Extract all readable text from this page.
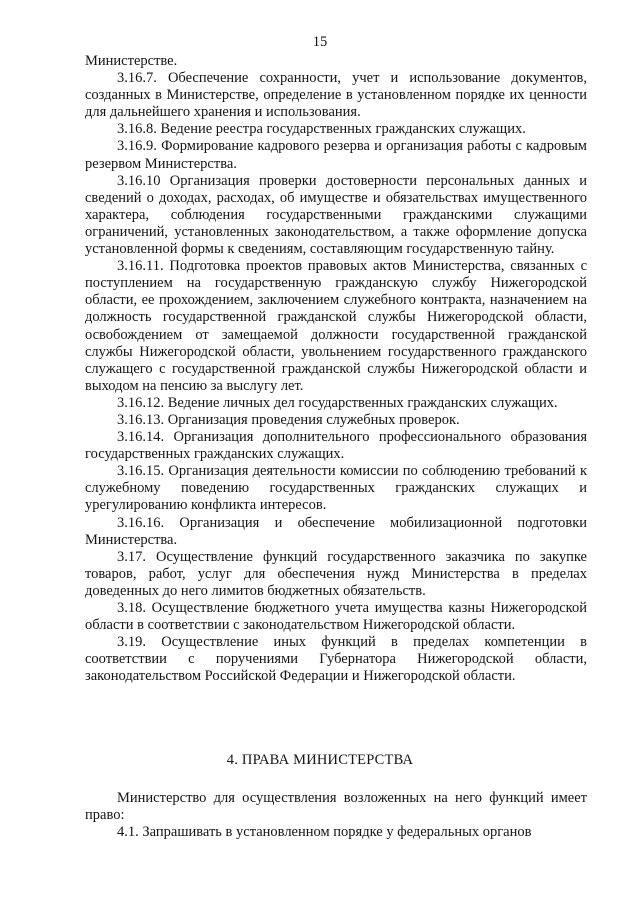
15

Министерстве.

3.16.7. Обеспечение сохранности, учет и использование документов, созданных в Министерстве, определение в установленном порядке их ценности для дальнейшего хранения и использования.

3.16.8. Ведение реестра государственных гражданских служащих.

3.16.9. Формирование кадрового резерва и организация работы с кадровым резервом Министерства.

3.16.10 Организация проверки достоверности персональных данных и сведений о доходах, расходах, об имуществе и обязательствах имущественного характера, соблюдения государственными гражданскими служащими ограничений, установленных законодательством, а также оформление допуска установленной формы к сведениям, составляющим государственную тайну.

3.16.11. Подготовка проектов правовых актов Министерства, связанных с поступлением на государственную гражданскую службу Нижегородской области, ее прохождением, заключением служебного контракта, назначением на должность государственной гражданской службы Нижегородской области, освобождением от замещаемой должности государственной гражданской службы Нижегородской области, увольнением государственного гражданского служащего с государственной гражданской службы Нижегородской области и выходом на пенсию за выслугу лет.

3.16.12. Ведение личных дел государственных гражданских служащих.

3.16.13. Организация проведения служебных проверок.

3.16.14. Организация дополнительного профессионального образования государственных гражданских служащих.

3.16.15. Организация деятельности комиссии по соблюдению требований к служебному поведению государственных гражданских служащих и урегулированию конфликта интересов.

3.16.16. Организация и обеспечение мобилизационной подготовки Министерства.

3.17. Осуществление функций государственного заказчика по закупке товаров, работ, услуг для обеспечения нужд Министерства в пределах доведенных до него лимитов бюджетных обязательств.

3.18. Осуществление бюджетного учета имущества казны Нижегородской области в соответствии с законодательством Нижегородской области.

3.19. Осуществление иных функций в пределах компетенции в соответствии с поручениями Губернатора Нижегородской области, законодательством Российской Федерации и Нижегородской области.

4. ПРАВА МИНИСТЕРСТВА

Министерство для осуществления возложенных на него функций имеет право:

4.1. Запрашивать в установленном порядке у федеральных органов
